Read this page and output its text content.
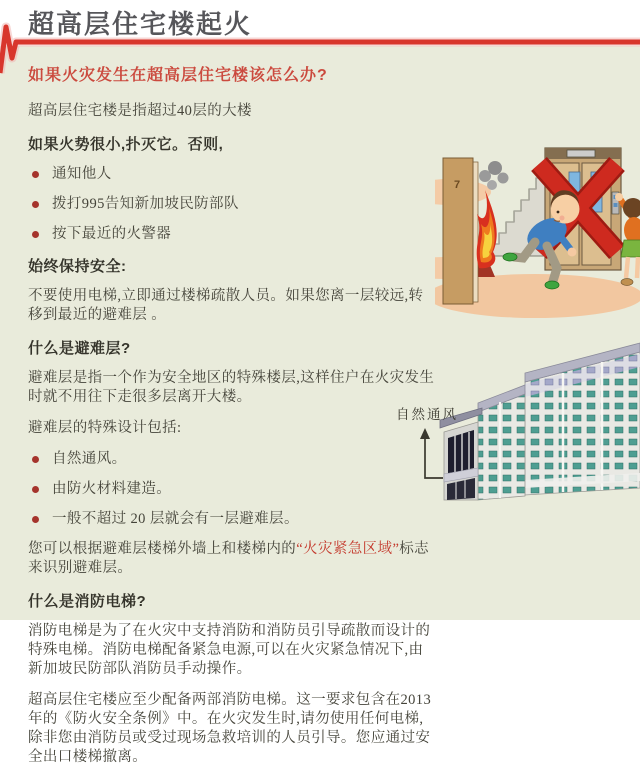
超高层住宅楼起火
如果火灾发生在超高层住宅楼该怎么办?

超高层住宅楼是指超过40层的大楼

如果火势很小,扑灭它。否则,

通知他人
拨打995告知新加坡民防部队
按下最近的火警器
始终保持安全:

不要使用电梯,立即通过楼梯疏散人员。如果您离一层较远,转移到最近的避难层 。

什么是避难层?

避难层是指一个作为安全地区的特殊楼层,这样住户在火灾发生时就不用往下走很多层离开大楼。

避难层的特殊设计包括:

自然通风。
由防火材料建造。
一般不超过 20 层就会有一层避难层。

您可以根据避难层楼梯外墙上和楼梯内的“火灾紧急区域”标志来识别避难层。

什么是消防电梯?

消防电梯是为了在火灾中支持消防和消防员引导疏散而设计的特殊电梯。消防电梯配备紧急电源,可以在火灾紧急情况下,由新加坡民防部队消防员手动操作。

超高层住宅楼应至少配备两部消防电梯。这一要求包含在2013年的《防火安全条例》中。在火灾发生时,请勿使用任何电梯,除非您由消防员或受过现场急救培训的人员引导。您应通过安全出口楼梯撤离。

7
自然通风
